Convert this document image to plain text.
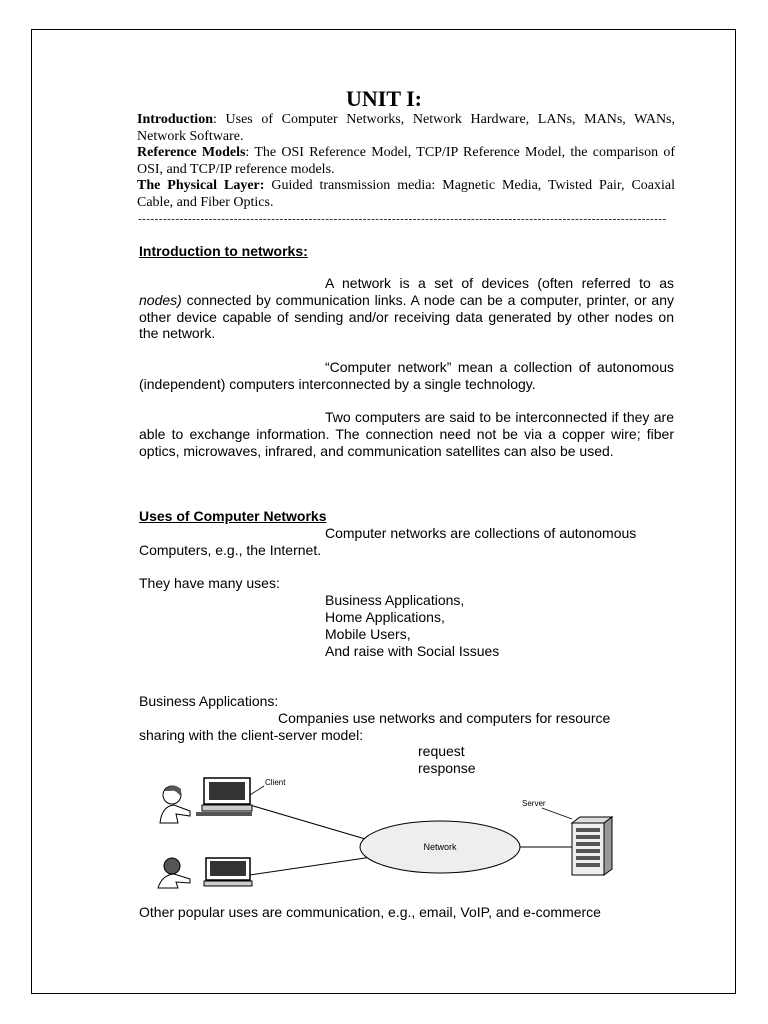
UNIT I:

Introduction: Uses of Computer Networks, Network Hardware, LANs, MANs, WANs, Network Software.

Reference Models: The OSI Reference Model, TCP/IP Reference Model, the comparison of OSI, and TCP/IP reference models.

The Physical Layer: Guided transmission media: Magnetic Media, Twisted Pair, Coaxial Cable, and Fiber Optics.

-------------------------------------------------------------------------------------------------------------------------------
Introduction to networks:

A network is a set of devices (often referred to as nodes) connected by communication links. A node can be a computer, printer, or any other device capable of sending and/or receiving data generated by other nodes on the network.

“Computer network” mean a collection of autonomous (independent) computers interconnected by a single technology.

Two computers are said to be interconnected if they are able to exchange information. The connection need not be via a copper wire; fiber optics, microwaves, infrared, and communication satellites can also be used.

Uses of Computer Networks
Computer networks are collections of autonomous
Computers, e.g., the Internet.
They have many uses:
Business Applications,
Home Applications,
Mobile Users,
And raise with Social Issues
Business Applications:
Companies use networks and computers for resource
sharing with the client-server model:
request
response
Network
Client
Server
Other popular uses are communication, e.g., email, VoIP, and e-commerce
